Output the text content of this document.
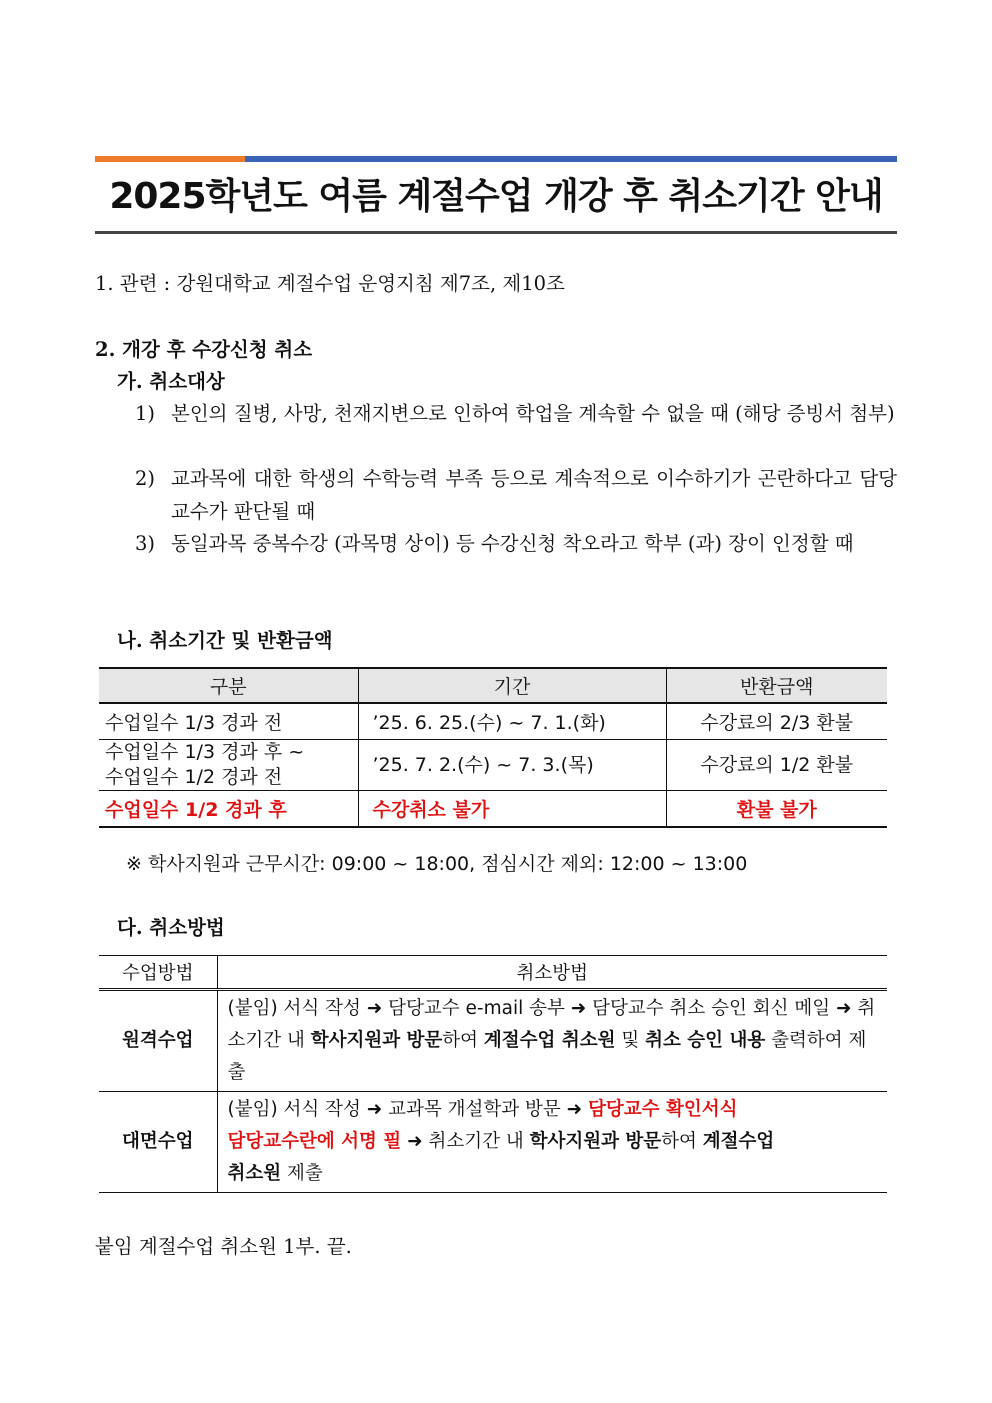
2025학년도 여름 계절수업 개강 후 취소기간 안내
1. 관련 : 강원대학교 계절수업 운영지침 제7조, 제10조
2. 개강 후 수강신청 취소
가. 취소대상
1) 본인의 질병, 사망, 천재지변으로 인하여 학업을 계속할 수 없을 때 (해당 증빙서 첨부)
2) 교과목에 대한 학생의 수학능력 부족 등으로 계속적으로 이수하기가 곤란하다고 담당교수가 판단될 때
3) 동일과목 중복수강 (과목명 상이) 등 수강신청 착오라고 학부 (과) 장이 인정할 때
나. 취소기간 및 반환금액
구분	기간	반환금액
수업일수 1/3 경과 전	’25. 6. 25.(수) ~ 7. 1.(화)	수강료의 2/3 환불

수업일수 1/3 경과 후 ~
수업일수 1/2 경과 전	’25. 7. 2.(수) ~ 7. 3.(목)	수강료의 1/2 환불
수업일수 1/2 경과 후	수강취소 불가	환불 불가
※ 학사지원과 근무시간: 09:00 ~ 18:00, 점심시간 제외: 12:00 ~ 13:00
다. 취소방법
수업방법	취소방법
원격수업	(붙임) 서식 작성 ➜ 담당교수 e-mail 송부 ➜ 담당교수 취소 승인 회신 메일 ➜ 취소기간 내 학사지원과 방문하여 계절수업 취소원 및 취소 승인 내용 출력하여 제출
대면수업	(붙임) 서식 작성 ➜ 교과목 개설학과 방문 ➜ 담당교수 확인서식
담당교수란에 서명 필 ➜ 취소기간 내 학사지원과 방문하여 계절수업
취소원 제출
붙임 계절수업 취소원 1부. 끝.
